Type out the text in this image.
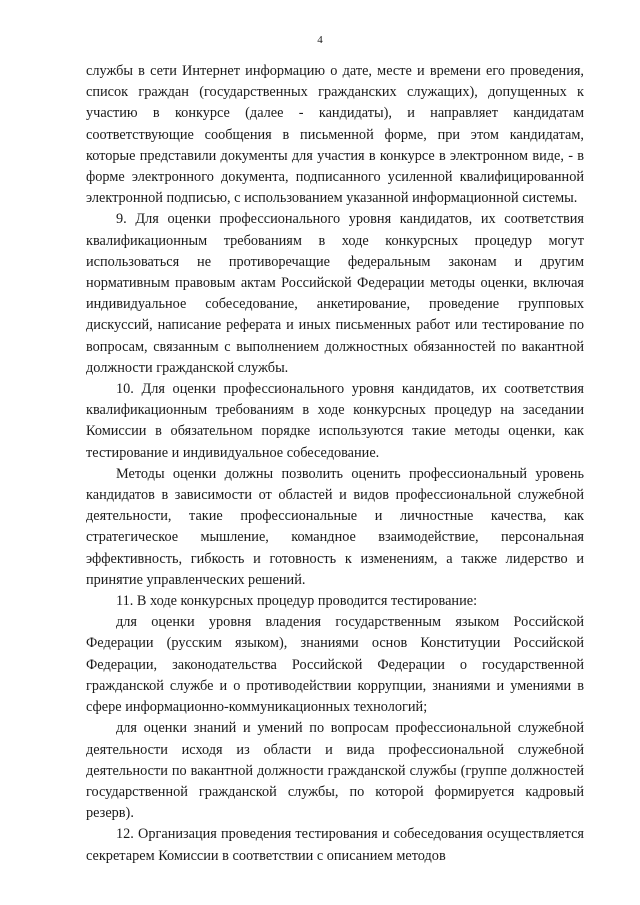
4

службы в сети Интернет информацию о дате, месте и времени его проведения, список граждан (государственных гражданских служащих), допущенных к участию в конкурсе (далее - кандидаты), и направляет кандидатам соответствующие сообщения в письменной форме, при этом кандидатам, которые представили документы для участия в конкурсе в электронном виде, - в форме электронного документа, подписанного усиленной квалифицированной электронной подписью, с использованием указанной информационной системы.

9. Для оценки профессионального уровня кандидатов, их соответствия квалификационным требованиям в ходе конкурсных процедур могут использоваться не противоречащие федеральным законам и другим нормативным правовым актам Российской Федерации методы оценки, включая индивидуальное собеседование, анкетирование, проведение групповых дискуссий, написание реферата и иных письменных работ или тестирование по вопросам, связанным с выполнением должностных обязанностей по вакантной должности гражданской службы.

10. Для оценки профессионального уровня кандидатов, их соответствия квалификационным требованиям в ходе конкурсных процедур на заседании Комиссии в обязательном порядке используются такие методы оценки, как тестирование и индивидуальное собеседование.

Методы оценки должны позволить оценить профессиональный уровень кандидатов в зависимости от областей и видов профессиональной служебной деятельности, такие профессиональные и личностные качества, как стратегическое мышление, командное взаимодействие, персональная эффективность, гибкость и готовность к изменениям, а также лидерство и принятие управленческих решений.

11. В ходе конкурсных процедур проводится тестирование:

для оценки уровня владения государственным языком Российской Федерации (русским языком), знаниями основ Конституции Российской Федерации, законодательства Российской Федерации о государственной гражданской службе и о противодействии коррупции, знаниями и умениями в сфере информационно-коммуникационных технологий;

для оценки знаний и умений по вопросам профессиональной служебной деятельности исходя из области и вида профессиональной служебной деятельности по вакантной должности гражданской службы (группе должностей государственной гражданской службы, по которой формируется кадровый резерв).

12. Организация проведения тестирования и собеседования осуществляется секретарем Комиссии в соответствии с описанием методов
